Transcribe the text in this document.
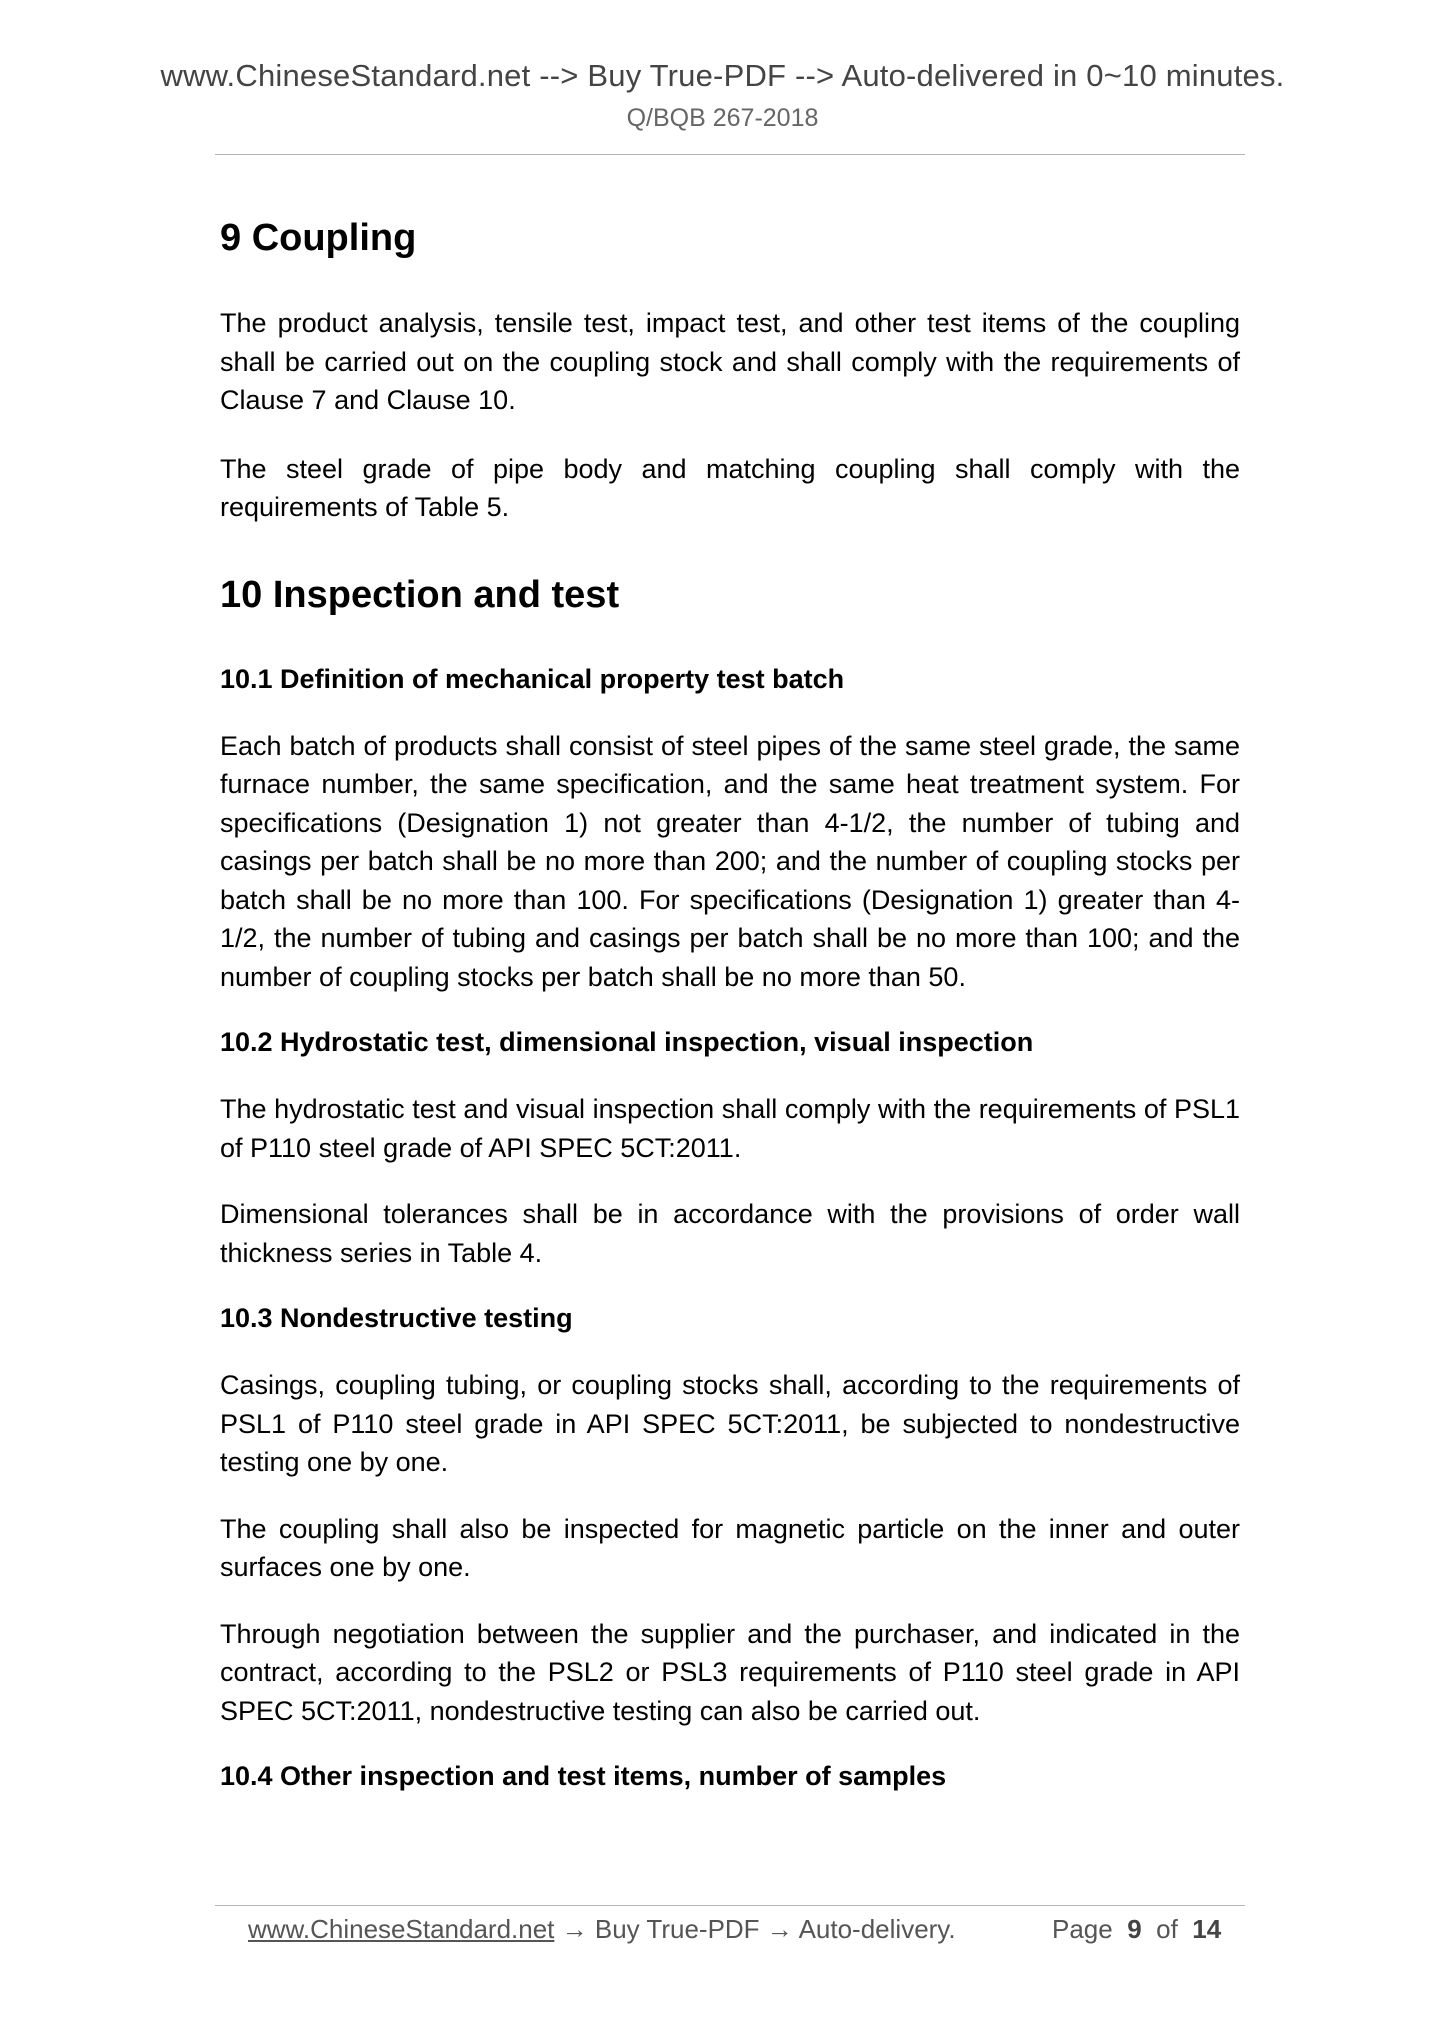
www.ChineseStandard.net --> Buy True-PDF --> Auto-delivered in 0~10 minutes.
Q/BQB 267-2018
9 Coupling

The product analysis, tensile test, impact test, and other test items of the coupling shall be carried out on the coupling stock and shall comply with the requirements of Clause 7 and Clause 10.

The steel grade of pipe body and matching coupling shall comply with the requirements of Table 5.

10 Inspection and test
10.1 Definition of mechanical property test batch

Each batch of products shall consist of steel pipes of the same steel grade, the same furnace number, the same specification, and the same heat treatment system. For specifications (Designation 1) not greater than 4-1/2, the number of tubing and casings per batch shall be no more than 200; and the number of coupling stocks per batch shall be no more than 100. For specifications (Designation 1) greater than 4-1/2, the number of tubing and casings per batch shall be no more than 100; and the number of coupling stocks per batch shall be no more than 50.

10.2 Hydrostatic test, dimensional inspection, visual inspection

The hydrostatic test and visual inspection shall comply with the requirements of PSL1 of P110 steel grade of API SPEC 5CT:2011.

Dimensional tolerances shall be in accordance with the provisions of order wall thickness series in Table 4.

10.3 Nondestructive testing

Casings, coupling tubing, or coupling stocks shall, according to the requirements of PSL1 of P110 steel grade in API SPEC 5CT:2011, be subjected to nondestructive testing one by one.

The coupling shall also be inspected for magnetic particle on the inner and outer surfaces one by one.

Through negotiation between the supplier and the purchaser, and indicated in the contract, according to the PSL2 or PSL3 requirements of P110 steel grade in API SPEC 5CT:2011, nondestructive testing can also be carried out.

10.4 Other inspection and test items, number of samples
www.ChineseStandard.net → Buy True-PDF → Auto-delivery.	Page 9 of 14
